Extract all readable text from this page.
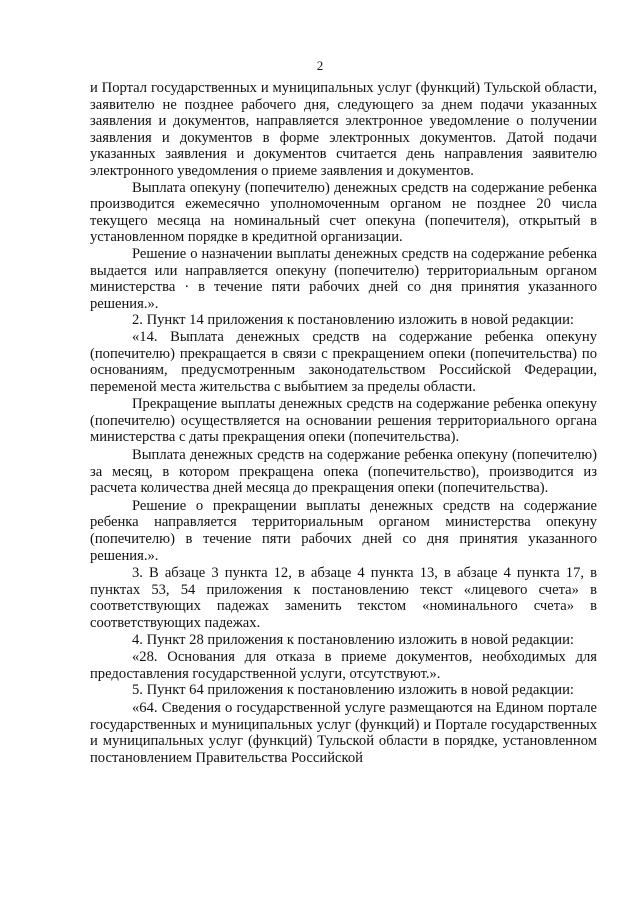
2

и Портал государственных и муниципальных услуг (функций) Тульской области, заявителю не позднее рабочего дня, следующего за днем подачи указанных заявления и документов, направляется электронное уведомление о получении заявления и документов в форме электронных документов. Датой подачи указанных заявления и документов считается день направления заявителю электронного уведомления о приеме заявления и документов.

Выплата опекуну (попечителю) денежных средств на содержание ребенка производится ежемесячно уполномоченным органом не позднее 20 числа текущего месяца на номинальный счет опекуна (попечителя), открытый в установленном порядке в кредитной организации.

Решение о назначении выплаты денежных средств на содержание ребенка выдается или направляется опекуну (попечителю) территориальным органом министерства · в течение пяти рабочих дней со дня принятия указанного решения.».

2. Пункт 14 приложения к постановлению изложить в новой редакции:

«14. Выплата денежных средств на содержание ребенка опекуну (попечителю) прекращается в связи с прекращением опеки (попечительства) по основаниям, предусмотренным законодательством Российской Федерации, переменой места жительства с выбытием за пределы области.

Прекращение выплаты денежных средств на содержание ребенка опекуну (попечителю) осуществляется на основании решения территориального органа министерства с даты прекращения опеки (попечительства).

Выплата денежных средств на содержание ребенка опекуну (попечителю) за месяц, в котором прекращена опека (попечительство), производится из расчета количества дней месяца до прекращения опеки (попечительства).

Решение о прекращении выплаты денежных средств на содержание ребенка направляется территориальным органом министерства опекуну (попечителю) в течение пяти рабочих дней со дня принятия указанного решения.».

3. В абзаце 3 пункта 12, в абзаце 4 пункта 13, в абзаце 4 пункта 17, в пунктах 53, 54 приложения к постановлению текст «лицевого счета» в соответствующих падежах заменить текстом «номинального счета» в соответствующих падежах.

4. Пункт 28 приложения к постановлению изложить в новой редакции:

«28. Основания для отказа в приеме документов, необходимых для предоставления государственной услуги, отсутствуют.».

5. Пункт 64 приложения к постановлению изложить в новой редакции:

«64. Сведения о государственной услуге размещаются на Едином портале государственных и муниципальных услуг (функций) и Портале государственных и муниципальных услуг (функций) Тульской области в порядке, установленном постановлением Правительства Российской
